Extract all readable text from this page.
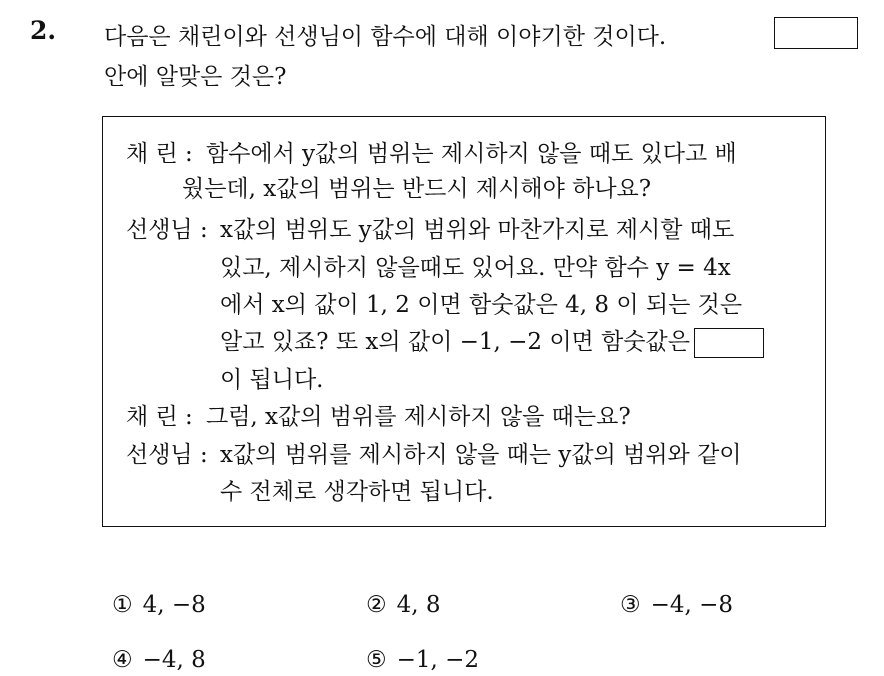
2. 다음은 채린이와 선생님이 함수에 대해 이야기한 것이다.
안에 알맞은 것은?
채 린 : 함수에서 y값의 범위는 제시하지 않을 때도 있다고 배
웠는데, x값의 범위는 반드시 제시해야 하나요?
선생님 : x값의 범위도 y값의 범위와 마찬가지로 제시할 때도
있고, 제시하지 않을때도 있어요. 만약 함수 y = 4x
에서 x의 값이 1, 2 이면 함숫값은 4, 8 이 되는 것은
알고 있죠? 또 x의 값이 −1, −2 이면 함숫값은
이 됩니다.
채 린 : 그럼, x값의 범위를 제시하지 않을 때는요?
선생님 : x값의 범위를 제시하지 않을 때는 y값의 범위와 같이
수 전체로 생각하면 됩니다.
① 4, −8	② 4, 8	③ −4, −8
④ −4, 8	⑤ −1, −2
